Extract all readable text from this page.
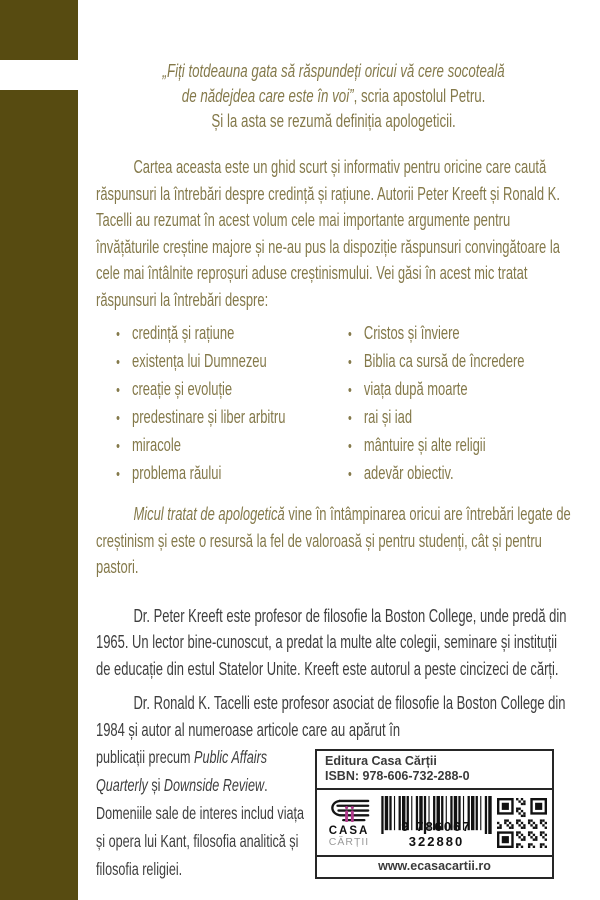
„Fiți totdeauna gata să răspundeți oricui vă cere socoteală
de nădejdea care este în voi”, scria apostolul Petru.
Și la asta se rezumă definiția apologeticii.
Cartea aceasta este un ghid scurt și informativ pentru oricine care caută răspunsuri la întrebări despre credință și rațiune. Autorii Peter Kreeft și Ronald K. Tacelli au rezumat în acest volum cele mai importante argumente pentru învățăturile creștine majore și ne-au pus la dispoziție răspunsuri convingătoare la cele mai întâlnite reproșuri aduse creștinismului. Vei găsi în acest mic tratat răspunsuri la întrebări despre:
• credință și rațiune
• existența lui Dumnezeu
• creație și evoluție
• predestinare și liber arbitru
• miracole
• problema răului
• Cristos și înviere
• Biblia ca sursă de încredere
• viața după moarte
• rai și iad
• mântuire și alte religii
• adevăr obiectiv.
Micul tratat de apologetică vine în întâmpinarea oricui are întrebări legate de creștinism și este o resursă la fel de valoroasă și pentru studenți, cât și pentru pastori.
Dr. Peter Kreeft este profesor de filosofie la Boston College, unde predă din 1965. Un lector bine-cunoscut, a predat la multe alte colegii, seminare și instituții de educație din estul Statelor Unite. Kreeft este autorul a peste cincizeci de cărți.
Dr. Ronald K. Tacelli este profesor asociat de filosofie la Boston College din 1984 și autor al numeroase articole care au apărut în
publicații precum Public Affairs Quarterly și Downside Review. Domeniile sale de interes includ viața și opera lui Kant, filosofia analitică și filosofia religiei.
Editura Casa Cărții
ISBN: 978-606-732-288-0
CASA
CĂRȚII
9 786067 322880
www.ecasacartii.ro
